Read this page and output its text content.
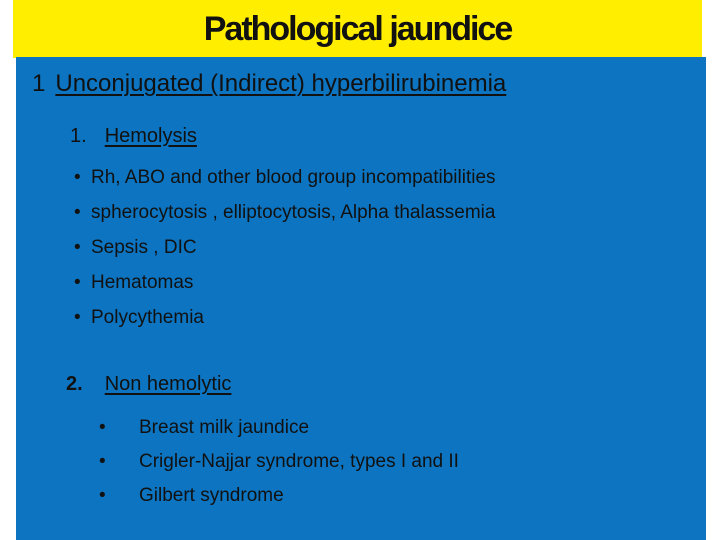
Pathological jaundice
1 Unconjugated (Indirect) hyperbilirubinemia
1. Hemolysis
• Rh, ABO and other blood group incompatibilities
• spherocytosis , elliptocytosis, Alpha thalassemia
• Sepsis , DIC
• Hematomas
• Polycythemia
2. Non hemolytic
• Breast milk jaundice
• Crigler-Najjar syndrome, types I and II
• Gilbert syndrome
